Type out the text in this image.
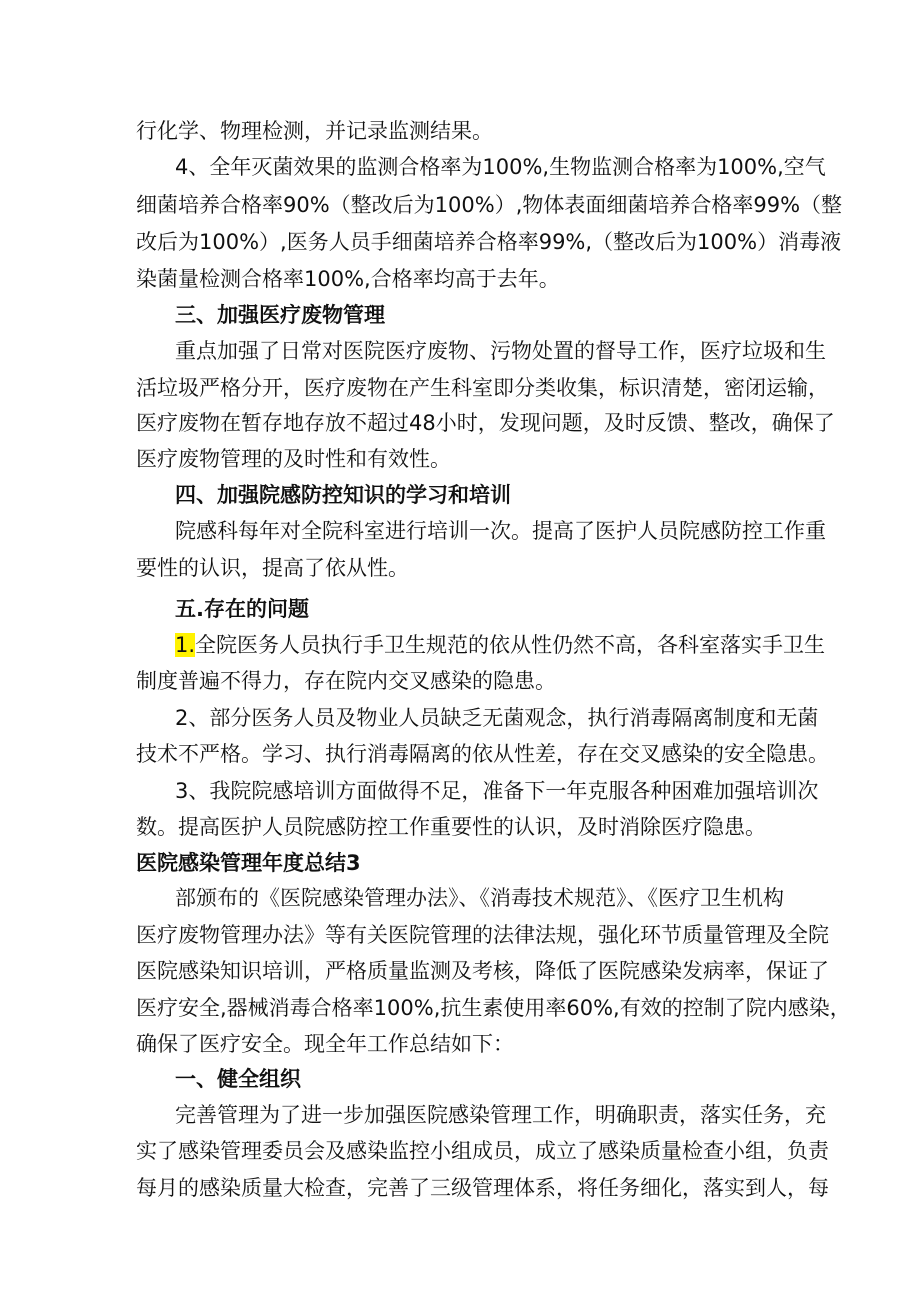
行化学、物理检测，并记录监测结果。
4、全年灭菌效果的监测合格率为100%,生物监测合格率为100%,空气
细菌培养合格率90%（整改后为100%）,物体表面细菌培养合格率99%（整
改后为100%）,医务人员手细菌培养合格率99%,（整改后为100%）消毒液
染菌量检测合格率100%,合格率均高于去年。
三、加强医疗废物管理
重点加强了日常对医院医疗废物、污物处置的督导工作，医疗垃圾和生
活垃圾严格分开，医疗废物在产生科室即分类收集，标识清楚，密闭运输，
医疗废物在暂存地存放不超过48小时，发现问题，及时反馈、整改，确保了
医疗废物管理的及时性和有效性。
四、加强院感防控知识的学习和培训
院感科每年对全院科室进行培训一次。提高了医护人员院感防控工作重
要性的认识，提高了依从性。
五.存在的问题
1.全院医务人员执行手卫生规范的依从性仍然不高，各科室落实手卫生
制度普遍不得力，存在院内交叉感染的隐患。
2、部分医务人员及物业人员缺乏无菌观念，执行消毒隔离制度和无菌
技术不严格。学习、执行消毒隔离的依从性差，存在交叉感染的安全隐患。
3、我院院感培训方面做得不足，准备下一年克服各种困难加强培训次
数。提高医护人员院感防控工作重要性的认识，及时消除医疗隐患。
医院感染管理年度总结3
部颁布的《医院感染管理办法》、《消毒技术规范》、《医疗卫生机构
医疗废物管理办法》等有关医院管理的法律法规，强化环节质量管理及全院
医院感染知识培训，严格质量监测及考核，降低了医院感染发病率，保证了
医疗安全,器械消毒合格率100%,抗生素使用率60%,有效的控制了院内感染，
确保了医疗安全。现全年工作总结如下：
一、健全组织
完善管理为了进一步加强医院感染管理工作，明确职责，落实任务，充
实了感染管理委员会及感染监控小组成员，成立了感染质量检查小组，负责
每月的感染质量大检查，完善了三级管理体系，将任务细化，落实到人，每
